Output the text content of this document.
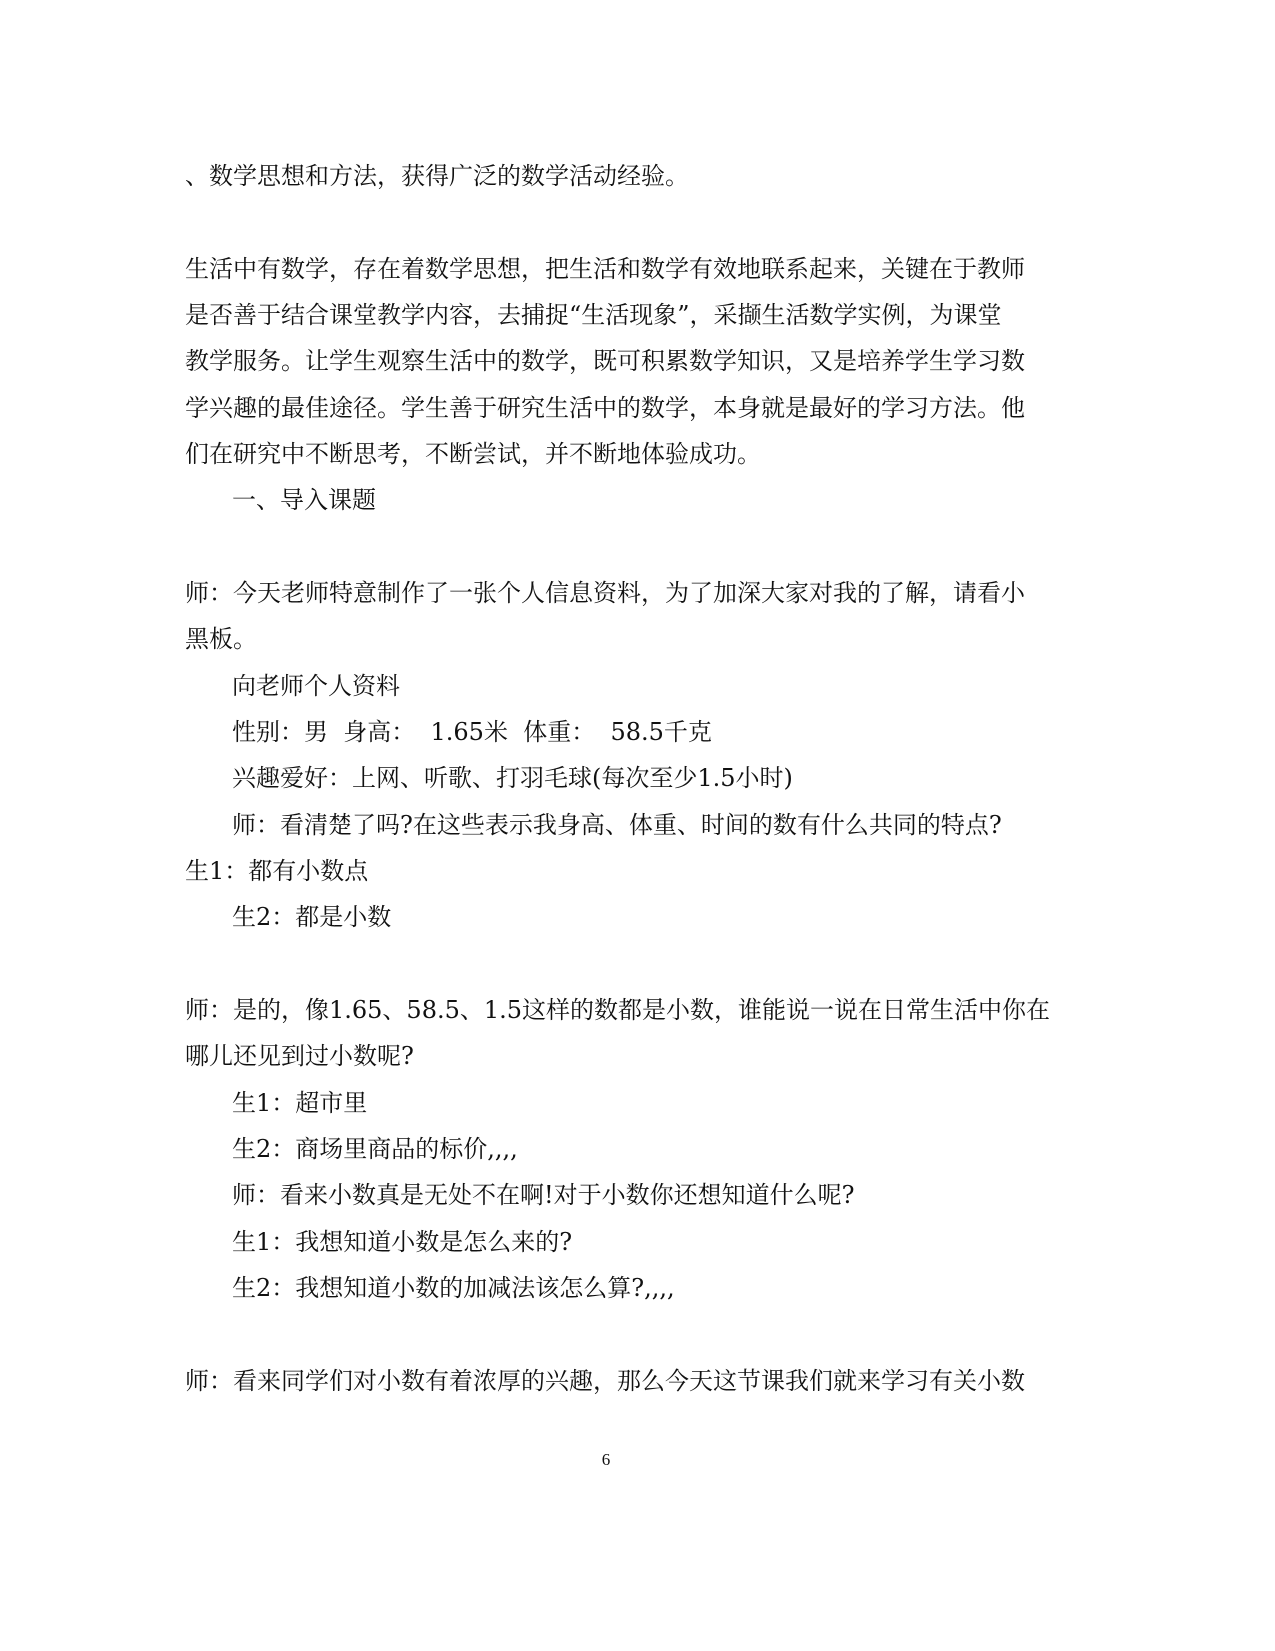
、数学思想和方法，获得广泛的数学活动经验。
生活中有数学，存在着数学思想，把生活和数学有效地联系起来，关键在于教师
是否善于结合课堂教学内容，去捕捉“生活现象”，采撷生活数学实例，为课堂
教学服务。让学生观察生活中的数学，既可积累数学知识，又是培养学生学习数
学兴趣的最佳途径。学生善于研究生活中的数学，本身就是最好的学习方法。他
们在研究中不断思考，不断尝试，并不断地体验成功。
一、导入课题
师：今天老师特意制作了一张个人信息资料，为了加深大家对我的了解，请看小
黑板。
向老师个人资料
性别：男  身高：  1.65米  体重：  58.5千克
兴趣爱好：上网、听歌、打羽毛球(每次至少1.5小时)
师：看清楚了吗?在这些表示我身高、体重、时间的数有什么共同的特点?
生1：都有小数点
生2：都是小数
师：是的，像1.65、58.5、1.5这样的数都是小数，谁能说一说在日常生活中你在
哪儿还见到过小数呢?
生1：超市里
生2：商场里商品的标价,,,,
师：看来小数真是无处不在啊!对于小数你还想知道什么呢?
生1：我想知道小数是怎么来的?
生2：我想知道小数的加减法该怎么算?,,,,
师：看来同学们对小数有着浓厚的兴趣，那么今天这节课我们就来学习有关小数
6
